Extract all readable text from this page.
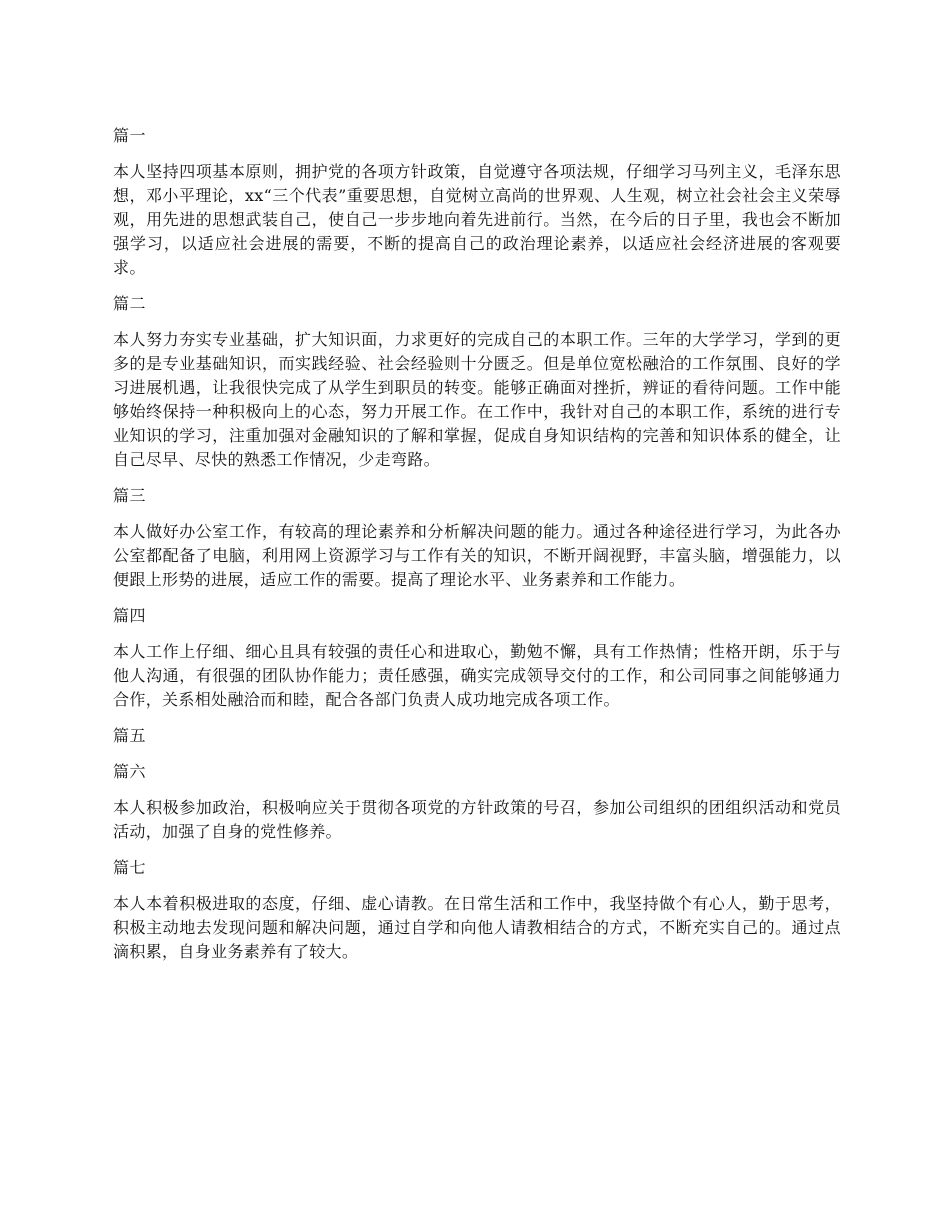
篇一

本人坚持四项基本原则，拥护党的各项方针政策，自觉遵守各项法规，仔细学习马列主义，毛泽东思想，邓小平理论，xx“三个代表”重要思想，自觉树立高尚的世界观、人生观，树立社会社会主义荣辱观，用先进的思想武装自己，使自己一步步地向着先进前行。当然，在今后的日子里，我也会不断加强学习，以适应社会进展的需要，不断的提高自己的政治理论素养，以适应社会经济进展的客观要求。

篇二

本人努力夯实专业基础，扩大知识面，力求更好的完成自己的本职工作。三年的大学学习，学到的更多的是专业基础知识，而实践经验、社会经验则十分匮乏。但是单位宽松融洽的工作氛围、良好的学习进展机遇，让我很快完成了从学生到职员的转变。能够正确面对挫折，辨证的看待问题。工作中能够始终保持一种积极向上的心态，努力开展工作。在工作中，我针对自己的本职工作，系统的进行专业知识的学习，注重加强对金融知识的了解和掌握，促成自身知识结构的完善和知识体系的健全，让自己尽早、尽快的熟悉工作情况，少走弯路。

篇三

本人做好办公室工作，有较高的理论素养和分析解决问题的能力。通过各种途径进行学习，为此各办公室都配备了电脑，利用网上资源学习与工作有关的知识，不断开阔视野，丰富头脑，增强能力，以便跟上形势的进展，适应工作的需要。提高了理论水平、业务素养和工作能力。

篇四

本人工作上仔细、细心且具有较强的责任心和进取心，勤勉不懈，具有工作热情；性格开朗，乐于与他人沟通，有很强的团队协作能力；责任感强，确实完成领导交付的工作，和公司同事之间能够通力合作，关系相处融洽而和睦，配合各部门负责人成功地完成各项工作。

篇五

篇六

本人积极参加政治，积极响应关于贯彻各项党的方针政策的号召，参加公司组织的团组织活动和党员活动，加强了自身的党性修养。

篇七

本人本着积极进取的态度，仔细、虚心请教。在日常生活和工作中，我坚持做个有心人，勤于思考，积极主动地去发现问题和解决问题，通过自学和向他人请教相结合的方式，不断充实自己的。通过点滴积累，自身业务素养有了较大。
